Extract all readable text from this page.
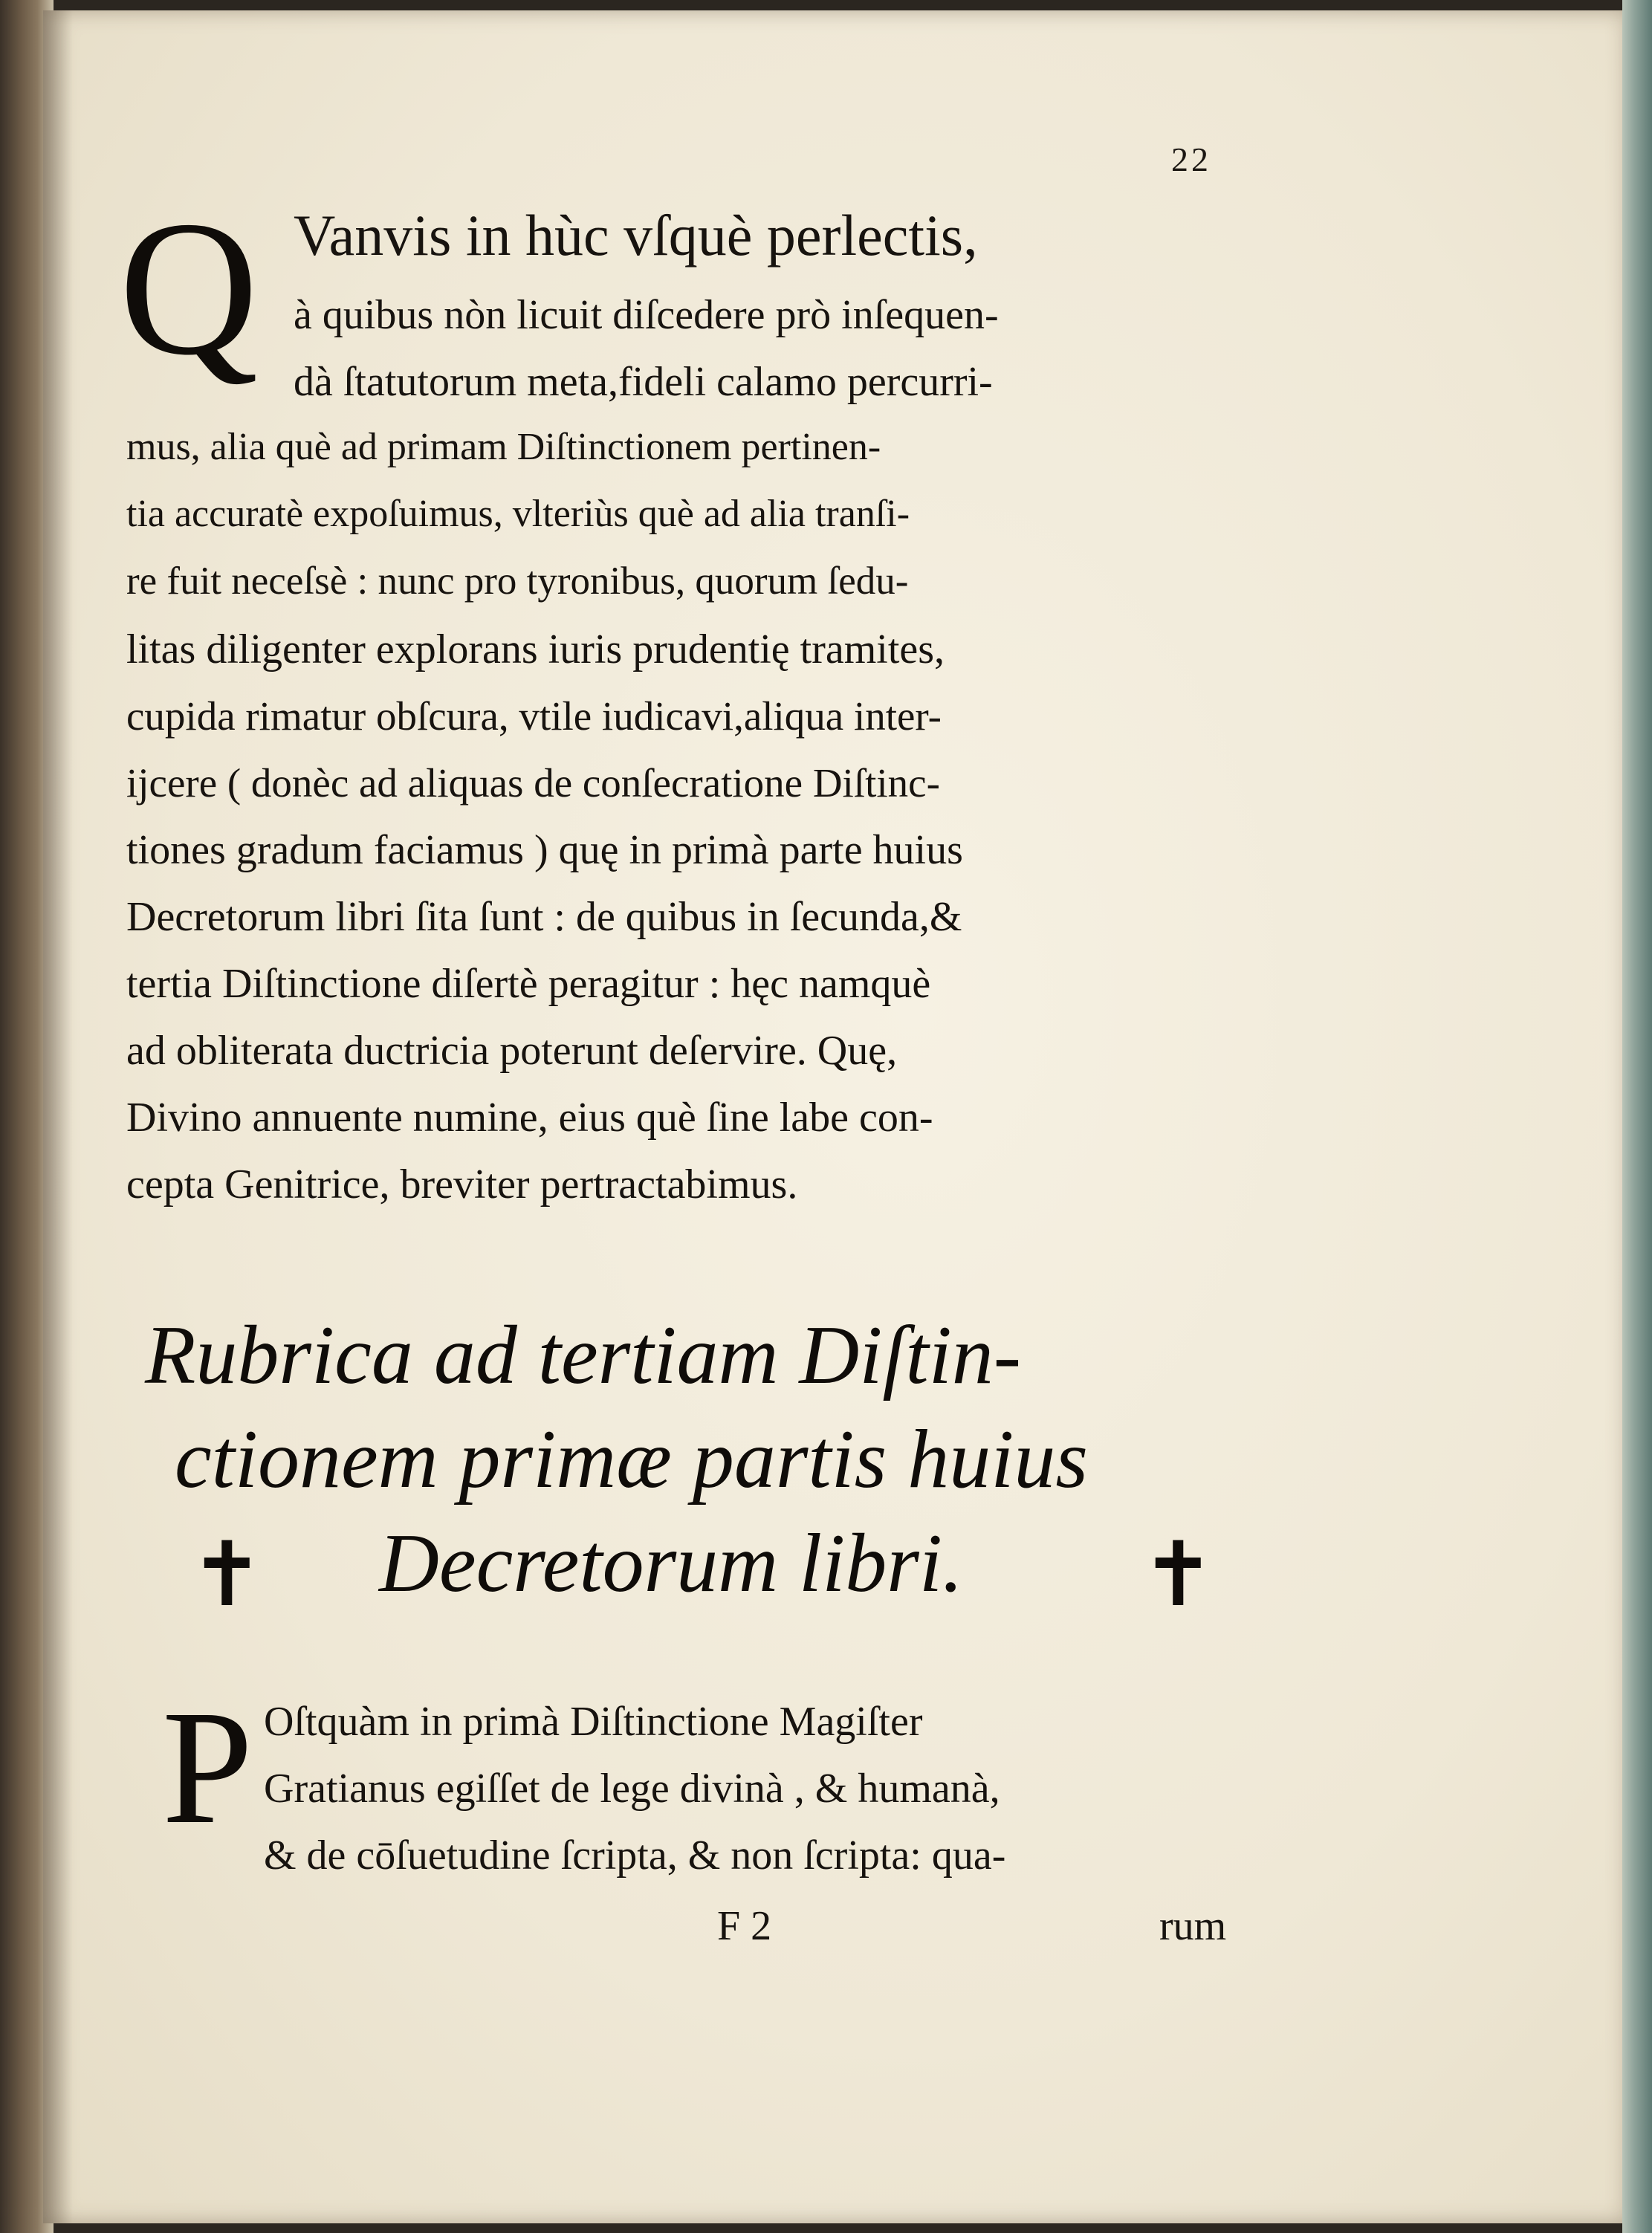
22
Q Vanvis in hùc vſquè perlectis,
à quibus nòn licuit diſcedere prò inſequen-
dà ſtatutorum meta,fideli calamo percurri-
mus, alia què ad primam Diſtinctionem pertinen-
tia accuratè expoſuimus, vlteriùs què ad alia tranſi-
re fuit neceſsè : nunc pro tyronibus, quorum ſedu-
litas diligenter explorans iuris prudentię tramites,
cupida rimatur obſcura, vtile iudicavi,aliqua inter-
ijcere ( donèc ad aliquas de conſecratione Diſtinc-
tiones gradum faciamus ) quę in primà parte huius
Decretorum libri ſita ſunt : de quibus in ſecunda,&
tertia Diſtinctione diſertè peragitur : hęc namquè
ad obliterata ductricia poterunt deſervire. Quę,
Divino annuente numine, eius què ſine labe con-
cepta Genitrice, breviter pertractabimus.
Rubrica ad tertiam Diſtin-
ctionem primæ partis huius
✝ Decretorum libri. ✝
P Oſtquàm in primà Diſtinctione Magiſter
Gratianus egiſſet de lege divinà , & humanà,
& de cōſuetudine ſcripta, & non ſcripta: qua-
F 2	rum
